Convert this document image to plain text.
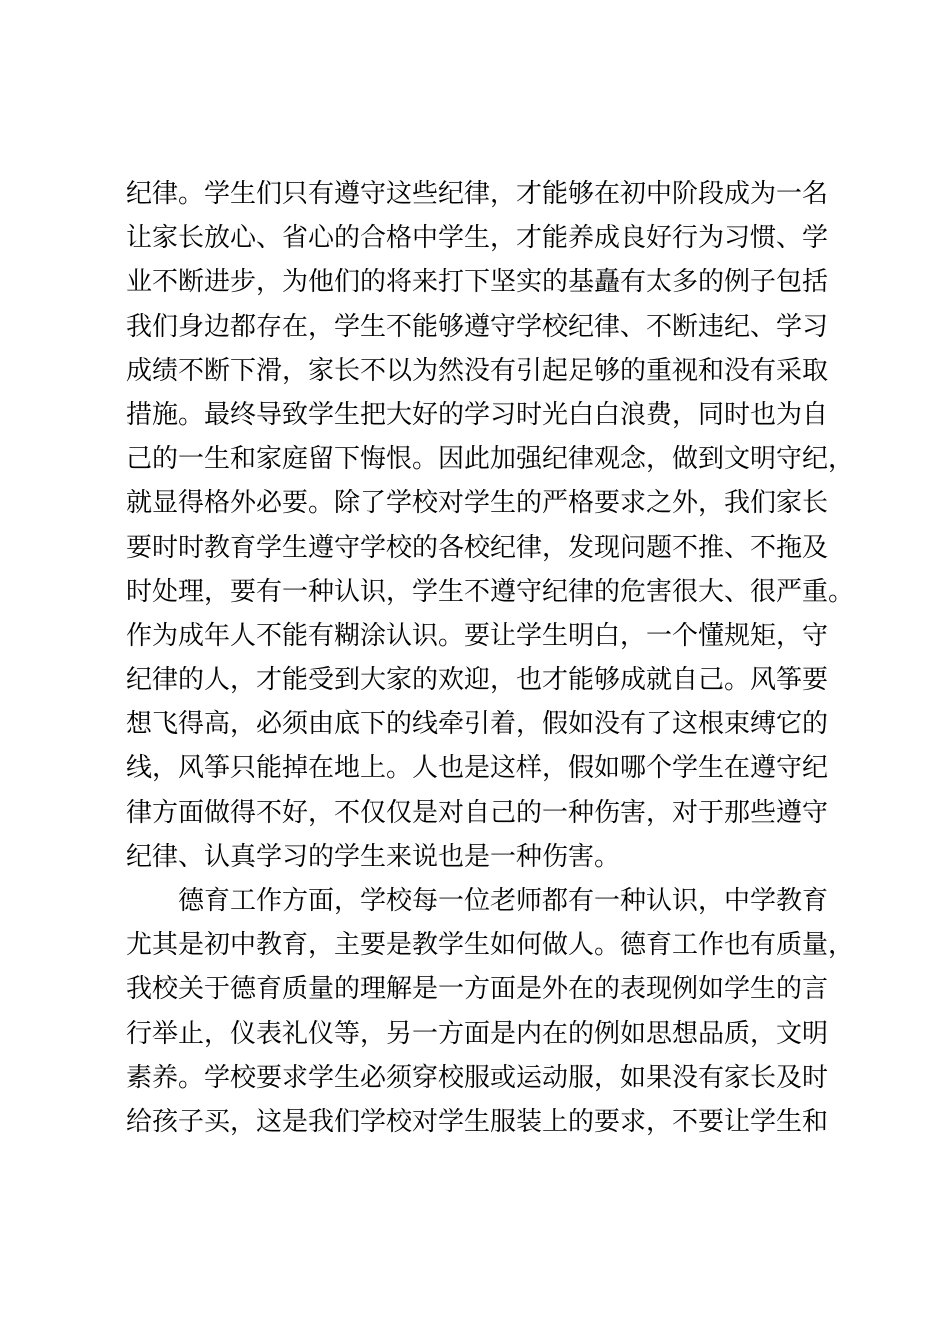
纪律。学生们只有遵守这些纪律，才能够在初中阶段成为一名
让家长放心、省心的合格中学生，才能养成良好行为习惯、学
业不断进步，为他们的将来打下坚实的基矗有太多的例子包括
我们身边都存在，学生不能够遵守学校纪律、不断违纪、学习
成绩不断下滑，家长不以为然没有引起足够的重视和没有采取
措施。最终导致学生把大好的学习时光白白浪费，同时也为自
己的一生和家庭留下悔恨。因此加强纪律观念，做到文明守纪，
就显得格外必要。除了学校对学生的严格要求之外，我们家长
要时时教育学生遵守学校的各校纪律，发现问题不推、不拖及
时处理，要有一种认识，学生不遵守纪律的危害很大、很严重。
作为成年人不能有糊涂认识。要让学生明白，一个懂规矩，守
纪律的人，才能受到大家的欢迎，也才能够成就自己。风筝要
想飞得高，必须由底下的线牵引着，假如没有了这根束缚它的
线，风筝只能掉在地上。人也是这样，假如哪个学生在遵守纪
律方面做得不好，不仅仅是对自己的一种伤害，对于那些遵守
纪律、认真学习的学生来说也是一种伤害。
德育工作方面，学校每一位老师都有一种认识，中学教育
尤其是初中教育，主要是教学生如何做人。德育工作也有质量，
我校关于德育质量的理解是一方面是外在的表现例如学生的言
行举止，仪表礼仪等，另一方面是内在的例如思想品质，文明
素养。学校要求学生必须穿校服或运动服，如果没有家长及时
给孩子买，这是我们学校对学生服装上的要求，不要让学生和
